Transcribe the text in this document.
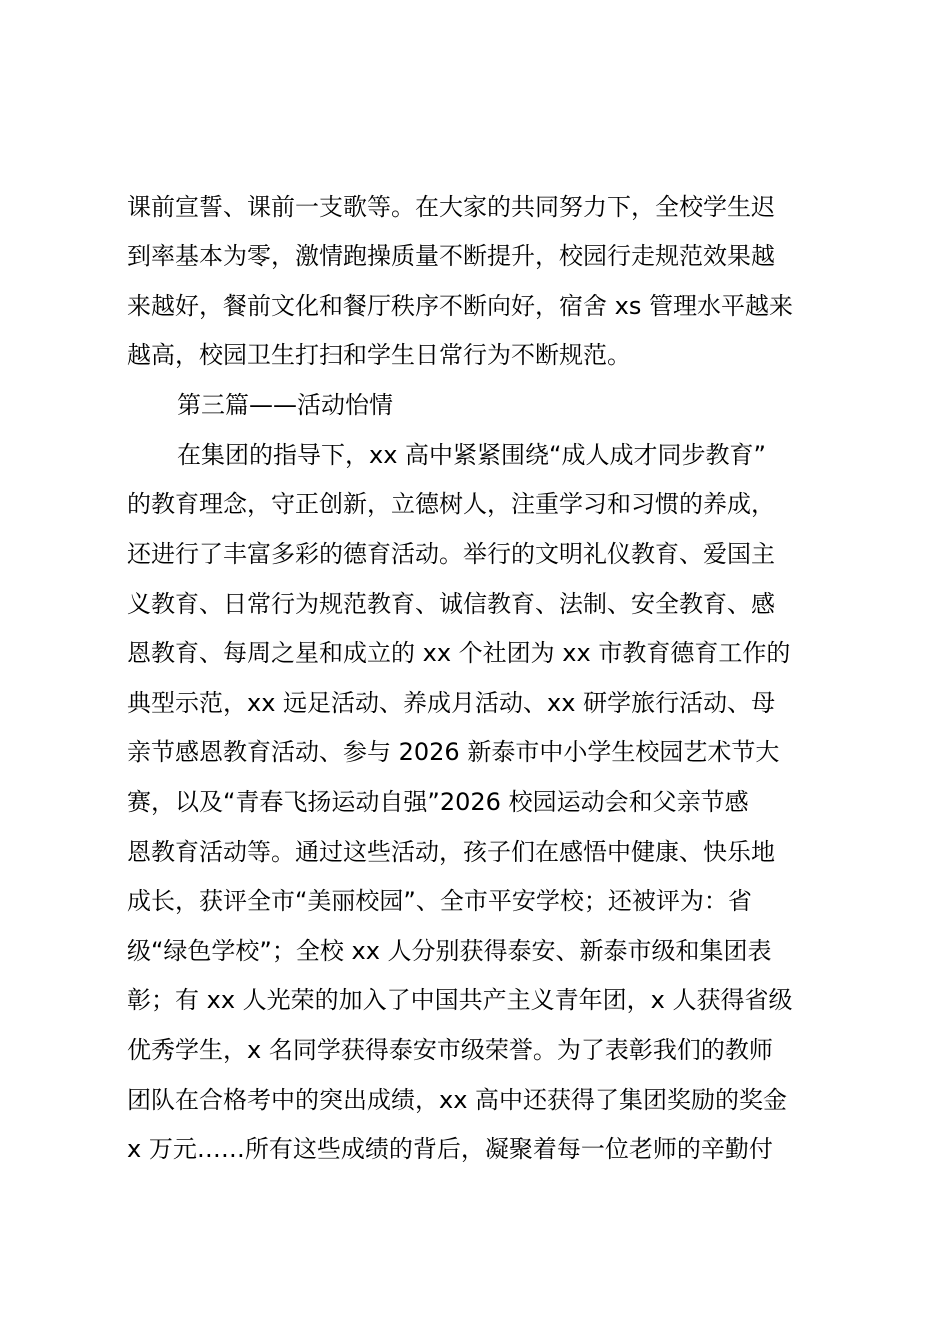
课前宣誓、课前一支歌等。在大家的共同努力下，全校学生迟
到率基本为零，激情跑操质量不断提升，校园行走规范效果越
来越好，餐前文化和餐厅秩序不断向好，宿舍 xs 管理水平越来
越高，校园卫生打扫和学生日常行为不断规范。
第三篇——活动怡情
在集团的指导下，xx 高中紧紧围绕“成人成才同步教育”
的教育理念，守正创新，立德树人，注重学习和习惯的养成，
还进行了丰富多彩的德育活动。举行的文明礼仪教育、爱国主
义教育、日常行为规范教育、诚信教育、法制、安全教育、感
恩教育、每周之星和成立的 xx 个社团为 xx 市教育德育工作的
典型示范，xx 远足活动、养成月活动、xx 研学旅行活动、母
亲节感恩教育活动、参与 2026 新泰市中小学生校园艺术节大
赛，以及“青春飞扬运动自强”2026 校园运动会和父亲节感
恩教育活动等。通过这些活动，孩子们在感悟中健康、快乐地
成长，获评全市“美丽校园”、全市平安学校；还被评为：省
级“绿色学校”；全校 xx 人分别获得泰安、新泰市级和集团表
彰；有 xx 人光荣的加入了中国共产主义青年团，x 人获得省级
优秀学生，x 名同学获得泰安市级荣誉。为了表彰我们的教师
团队在合格考中的突出成绩，xx 高中还获得了集团奖励的奖金
x 万元……所有这些成绩的背后，凝聚着每一位老师的辛勤付
